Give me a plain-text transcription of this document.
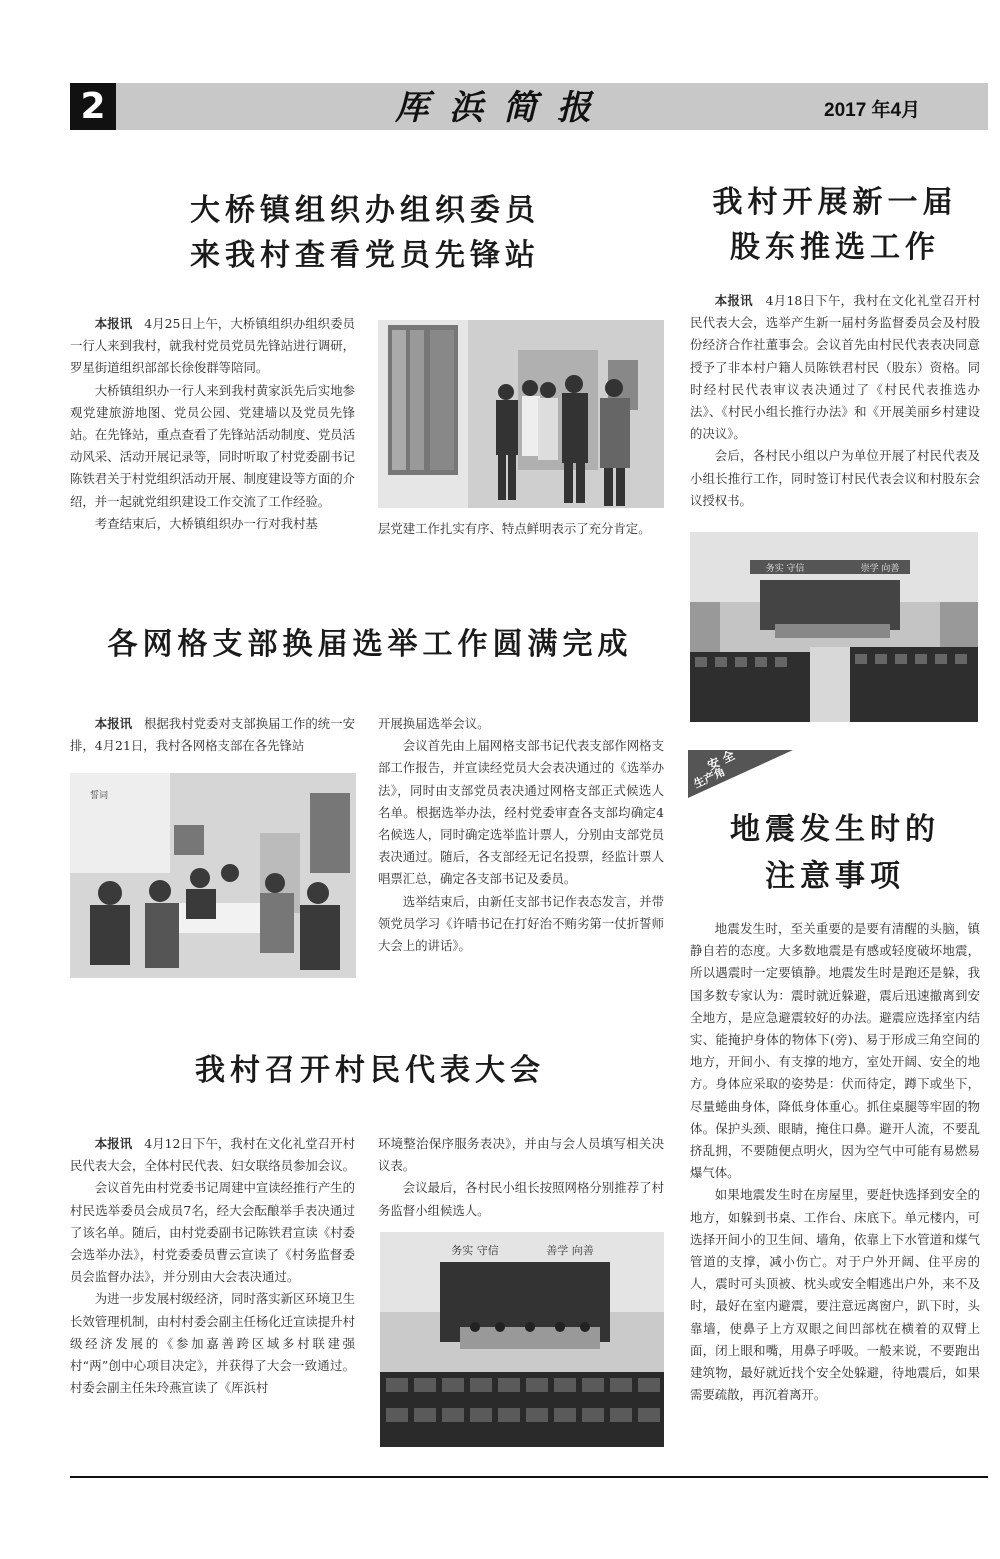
2	厍浜简报	2017 年4月
大桥镇组织办组织委员
来我村查看党员先锋站

本报讯 4月25日上午，大桥镇组织办组织委员一行人来到我村，就我村党员党员先锋站进行调研，罗星街道组织部部长徐俊群等陪同。

大桥镇组织办一行人来到我村黄家浜先后实地参观党建旅游地图、党员公园、党建墙以及党员先锋站。在先锋站，重点查看了先锋站活动制度、党员活动风采、活动开展记录等，同时听取了村党委副书记陈铁君关于村党组织活动开展、制度建设等方面的介绍，并一起就党组织建设工作交流了工作经验。

考查结束后，大桥镇组织办一行对我村基	层党建工作扎实有序、特点鲜明表示了充分肯定。

我村开展新一届
股东推选工作

本报讯 4月18日下午，我村在文化礼堂召开村民代表大会，选举产生新一届村务监督委员会及村股份经济合作社董事会。会议首先由村民代表表决同意授予了非本村户籍人员陈铁君村民（股东）资格。同时经村民代表审议表决通过了《村民代表推选办法》、《村民小组长推行办法》和《开展美丽乡村建设的决议》。

会后，各村民小组以户为单位开展了村民代表及小组长推行工作，同时签订村民代表会议和村股东会议授权书。

务实 守信	崇学 向善
各网格支部换届选举工作圆满完成

本报讯 根据我村党委对支部换届工作的统一安排，4月21日，我村各网格支部在各先锋站

誓词

开展换届选举会议。

会议首先由上届网格支部书记代表支部作网格支部工作报告，并宣读经党员大会表决通过的《选举办法》，同时由支部党员表决通过网格支部正式候选人名单。根据选举办法，经村党委审查各支部均确定4名候选人，同时确定选举监计票人，分别由支部党员表决通过。随后，各支部经无记名投票，经监计票人唱票汇总，确定各支部书记及委员。

选举结束后，由新任支部书记作表态发言，并带领党员学习《许晴书记在打好治不贿劣第一仗折誓师大会上的讲话》。

我村召开村民代表大会

本报讯 4月12日下午，我村在文化礼堂召开村民代表大会，全体村民代表、妇女联络员参加会议。

会议首先由村党委书记周建中宣读经推行产生的村民选举委员会成员7名，经大会酝酿举手表决通过了该名单。随后，由村党委副书记陈铁君宣读《村委会选举办法》，村党委委员曹云宣读了《村务监督委员会监督办法》，并分别由大会表决通过。

为进一步发展村级经济，同时落实新区环境卫生长效管理机制，由村村委会副主任杨化迁宣读提升村级经济发展的《参加嘉善跨区域多村联建强村“两”创中心项目决定》，并获得了大会一致通过。村委会副主任朱玲燕宣读了《厍浜村

环境整治保序服务表决》，并由与会人员填写相关决议表。

会议最后，各村民小组长按照网格分别推荐了村务监督小组候选人。

务实 守信	善学 向善
安 全
生产角
地震发生时的
注意事项

地震发生时，至关重要的是要有清醒的头脑，镇静自若的态度。大多数地震是有感或轻度破坏地震，所以遇震时一定要镇静。地震发生时是跑还是躲，我国多数专家认为：震时就近躲避，震后迅速撤离到安全地方，是应急避震较好的办法。避震应选择室内结实、能掩护身体的物体下(旁)、易于形成三角空间的地方，开间小、有支撑的地方，室处开阔、安全的地方。身体应采取的姿势是：伏而待定，蹲下或坐下，尽量蜷曲身体，降低身体重心。抓住桌腿等牢固的物体。保护头颈、眼睛，掩住口鼻。避开人流，不要乱挤乱拥，不要随便点明火，因为空气中可能有易燃易爆气体。

如果地震发生时在房屋里，要赶快选择到安全的地方，如躲到书桌、工作台、床底下。单元楼内，可选择开间小的卫生间、墙角，依靠上下水管道和煤气管道的支撑，减小伤亡。对于户外开阔、住平房的人，震时可头顶被、枕头或安全帽逃出户外，来不及时，最好在室内避震，要注意远离窗户，趴下时，头靠墙，使鼻子上方双眼之间凹部枕在横着的双臂上面，闭上眼和嘴，用鼻子呼吸。一般来说，不要跑出建筑物，最好就近找个安全处躲避，待地震后，如果需要疏散，再沉着离开。
